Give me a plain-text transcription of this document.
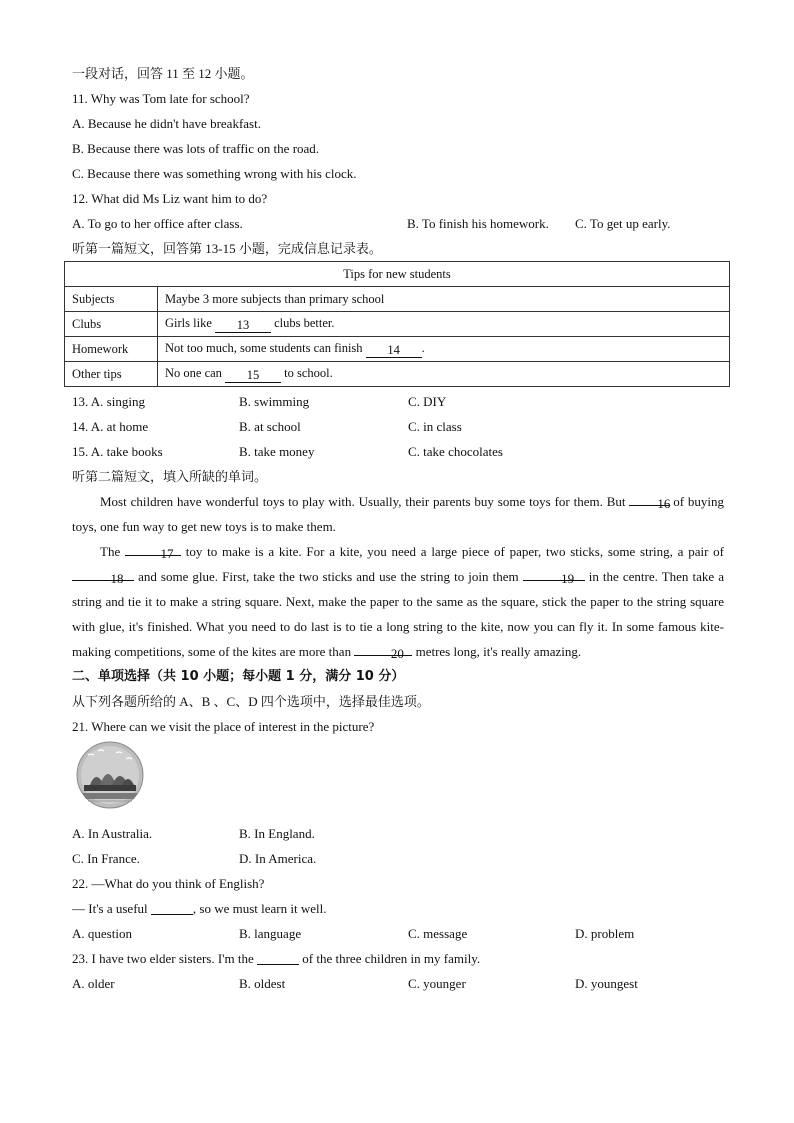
一段对话，回答 11 至 12 小题。
11. Why was Tom late for school?
A. Because he didn't have breakfast.
B. Because there was lots of traffic on the road.
C. Because there was something wrong with his clock.
12. What did Ms Liz want him to do?
A. To go to her office after class.	B. To finish his homework. C. To get up early.
听第一篇短文，回答第 13-15 小题，完成信息记录表。
Tips for new students	
Subjects	Maybe 3 more subjects than primary school
Clubs	Girls like 13 clubs better.
Homework	Not too much, some students can finish 14 .
Other tips	No one can 15 to school.
13. A. singing	B. swimming	C. DIY
14. A. at home	B. at school	C. in class
15. A. take books	B. take money	C. take chocolates
听第二篇短文，填入所缺的单词。
Most children have wonderful toys to play with. Usually, their parents buy some toys for them. But 16 of buying toys, one fun way to get new toys is to make them.
The	17 toy to make is a kite. For a kite, you need a large piece of paper, two sticks, some string, a pair of 18 and some glue. First, take the two sticks and use the string to join them	19 in the centre. Then take a string and tie it to make a string square. Next, make the paper to the same as the square, stick the paper to the string square with glue, it's finished. What you need to do last is to tie a long string to the kite, now you can fly it. In some famous kite-making competitions, some of the kites are more than	20 metres long, it's really amazing.
二、单项选择（共 10 小题；每小题 1 分，满分 10 分）
从下列各题所给的 A、B 、C、D 四个选项中，选择最佳选项。
21. Where can we visit the place of interest in the picture?
A. In Australia.	B. In England.
C. In France.	D. In America.
22. —What do you think of English?
— It's a useful	, so we must learn it well.
A. question	B. language	C. message	D. problem
23. I have two elder sisters. I'm the	of the three children in my family.
A. older	B. oldest	C. younger	D. youngest
